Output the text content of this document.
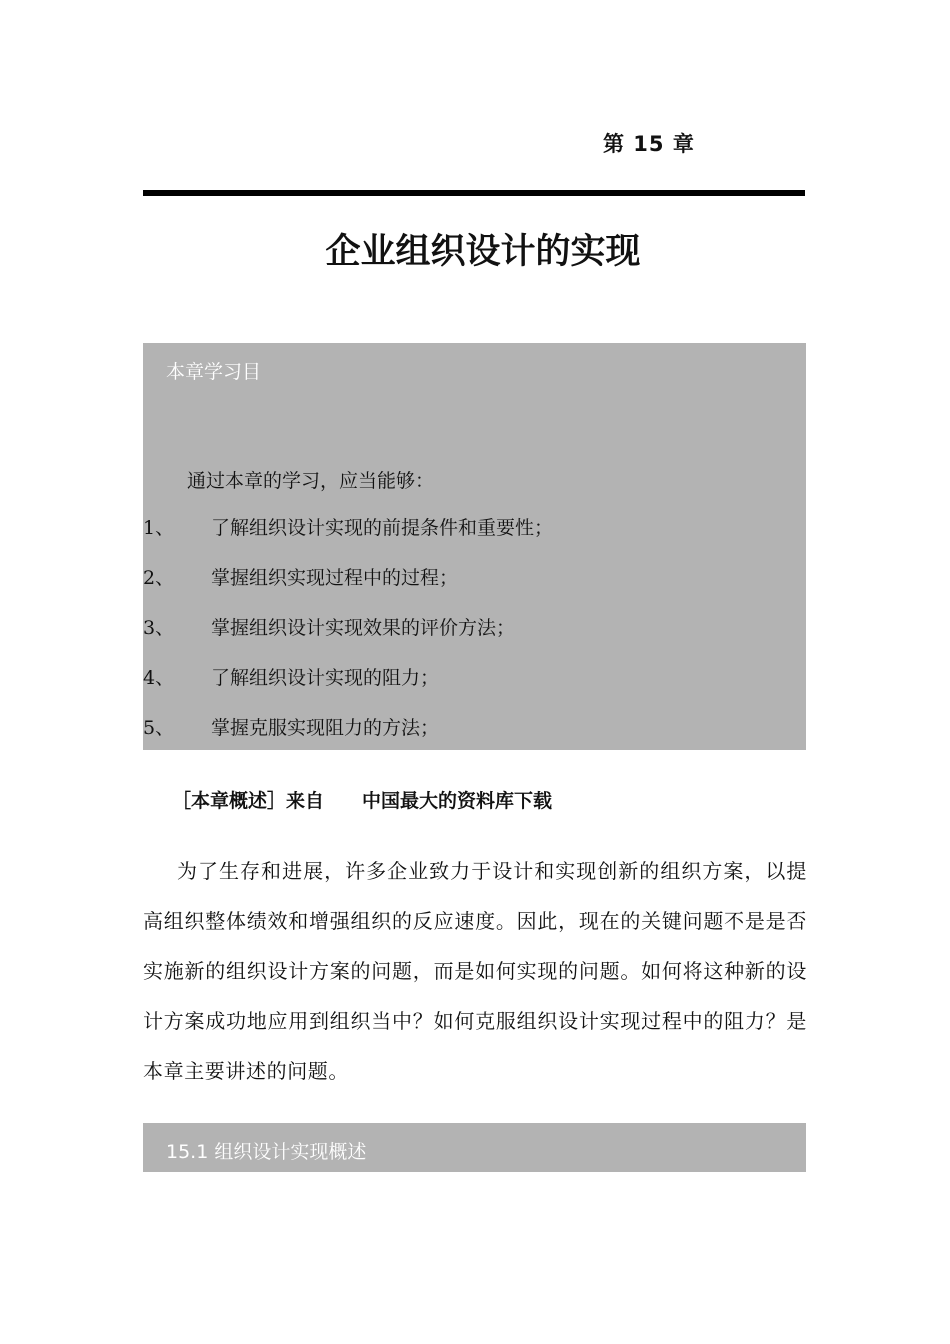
第 15 章
企业组织设计的实现
本章学习目
通过本章的学习，应当能够：
1、 了解组织设计实现的前提条件和重要性；
2、 掌握组织实现过程中的过程；
3、 掌握组织设计实现效果的评价方法；
4、 了解组织设计实现的阻力；
5、 掌握克服实现阻力的方法；
［本章概述］来自　　中国最大的资料库下载

为了生存和进展，许多企业致力于设计和实现创新的组织方案，以提高组织整体绩效和增强组织的反应速度。因此，现在的关键问题不是是否实施新的组织设计方案的问题，而是如何实现的问题。如何将这种新的设计方案成功地应用到组织当中？如何克服组织设计实现过程中的阻力？是本章主要讲述的问题。

15.1 组织设计实现概述
